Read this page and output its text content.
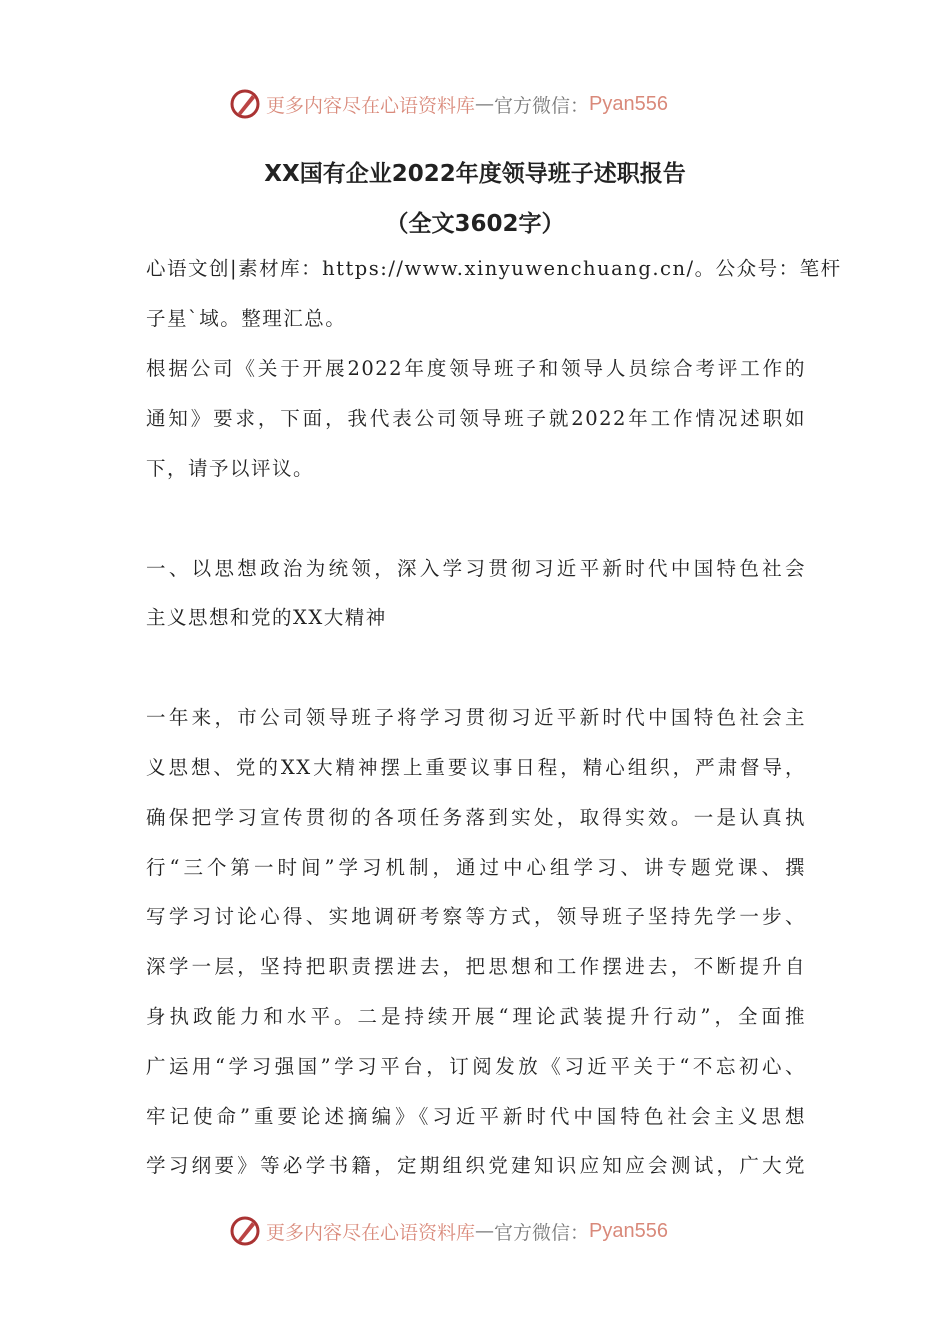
更多内容尽在心语资料库 — 官方微信： Pyan556
XX国有企业2022年度领导班子述职报告
（全文3602字）
心语文创|素材库：https://www.xinyuwenchuang.cn/。公众号：笔杆
子星`域。整理汇总。
根据公司《关于开展2022年度领导班子和领导人员综合考评工作的
通知》要求，下面，我代表公司领导班子就2022年工作情况述职如
下，请予以评议。
一、以思想政治为统领，深入学习贯彻习近平新时代中国特色社会
主义思想和党的XX大精神
一年来，市公司领导班子将学习贯彻习近平新时代中国特色社会主
义思想、党的XX大精神摆上重要议事日程，精心组织，严肃督导，
确保把学习宣传贯彻的各项任务落到实处，取得实效。一是认真执
行“三个第一时间”学习机制，通过中心组学习、讲专题党课、撰
写学习讨论心得、实地调研考察等方式，领导班子坚持先学一步、
深学一层，坚持把职责摆进去，把思想和工作摆进去，不断提升自
身执政能力和水平。二是持续开展“理论武装提升行动”，全面推
广运用“学习强国”学习平台，订阅发放《习近平关于“不忘初心、
牢记使命”重要论述摘编》《习近平新时代中国特色社会主义思想
学习纲要》等必学书籍，定期组织党建知识应知应会测试，广大党
更多内容尽在心语资料库 — 官方微信： Pyan556
